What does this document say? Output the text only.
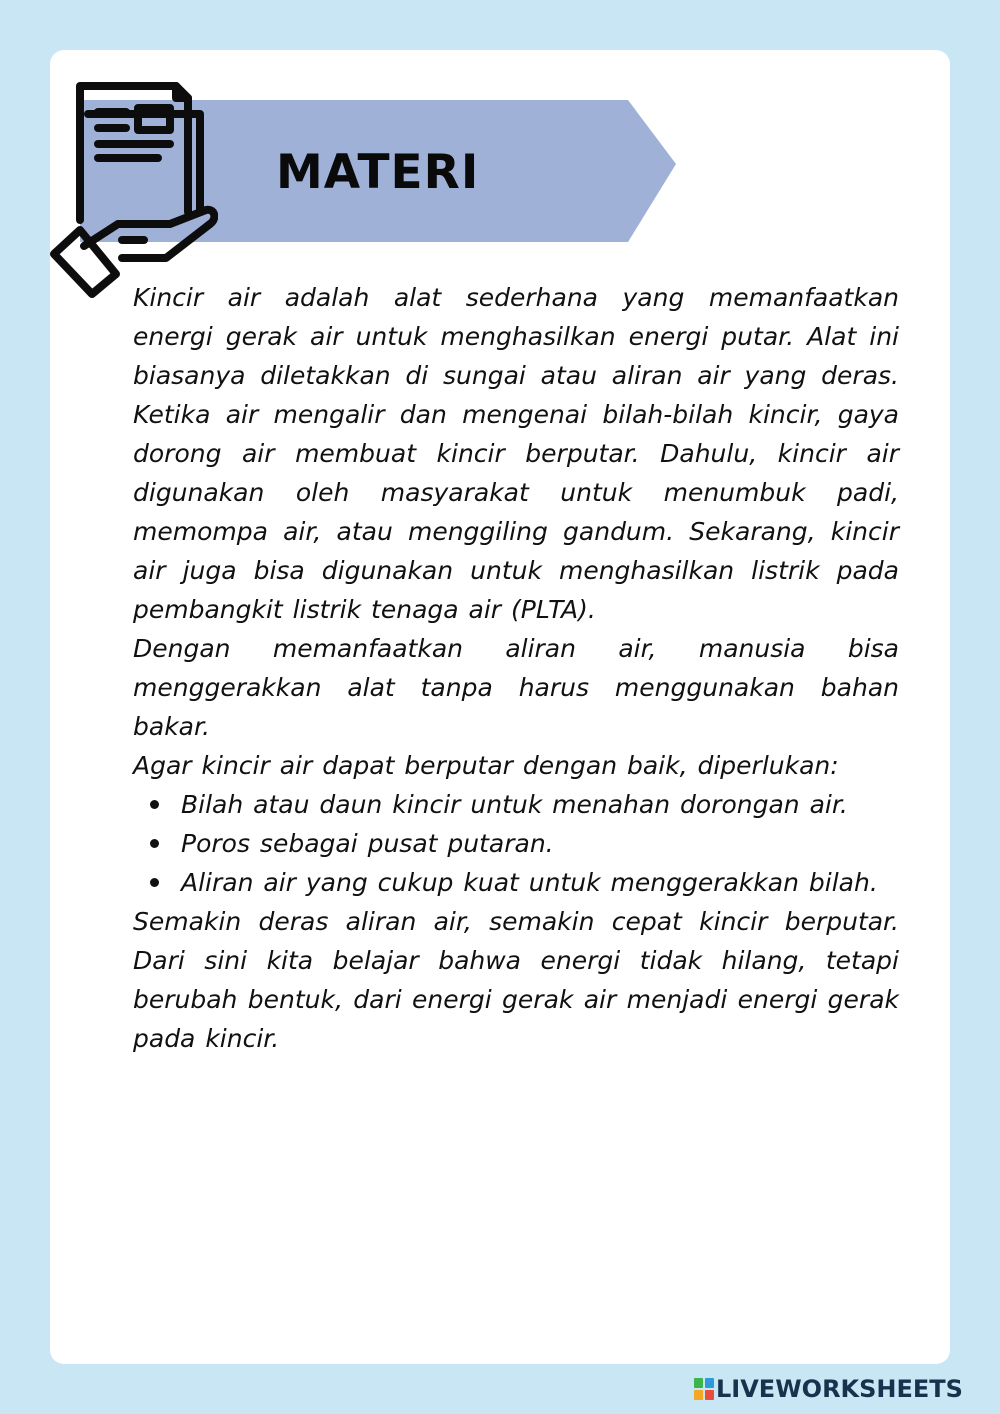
MATERI

Kincir air adalah alat sederhana yang memanfaatkan energi gerak air untuk menghasilkan energi putar. Alat ini biasanya diletakkan di sungai atau aliran air yang deras. Ketika air mengalir dan mengenai bilah-bilah kincir, gaya dorong air membuat kincir berputar. Dahulu, kincir air digunakan oleh masyarakat untuk menumbuk padi, memompa air, atau menggiling gandum. Sekarang, kincir air juga bisa digunakan untuk menghasilkan listrik pada pembangkit listrik tenaga air (PLTA).

Dengan memanfaatkan aliran air, manusia bisa menggerakkan alat tanpa harus menggunakan bahan bakar.

Agar kincir air dapat berputar dengan baik, diperlukan:

Bilah atau daun kincir untuk menahan dorongan air.
Poros sebagai pusat putaran.
Aliran air yang cukup kuat untuk menggerakkan bilah.

Semakin deras aliran air, semakin cepat kincir berputar. Dari sini kita belajar bahwa energi tidak hilang, tetapi berubah bentuk, dari energi gerak air menjadi energi gerak pada kincir.

LIVEWORKSHEETS
